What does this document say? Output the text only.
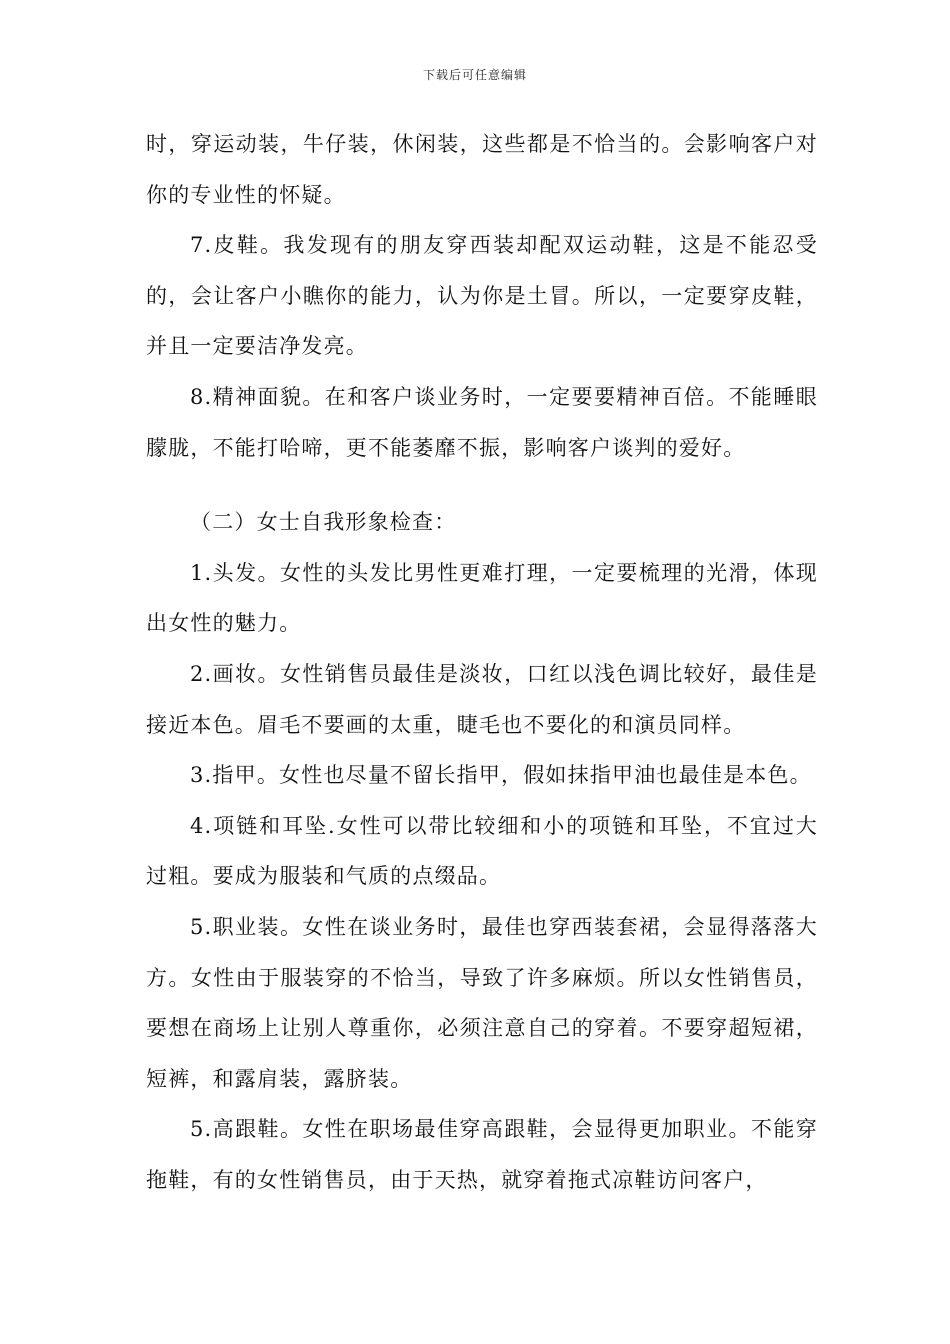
下载后可任意编辑

时，穿运动装，牛仔装，休闲装，这些都是不恰当的。会影响客户对你的专业性的怀疑。

7.皮鞋。我发现有的朋友穿西装却配双运动鞋，这是不能忍受的，会让客户小瞧你的能力，认为你是土冒。所以，一定要穿皮鞋，并且一定要洁净发亮。

8.精神面貌。在和客户谈业务时，一定要要精神百倍。不能睡眼朦胧，不能打哈啼，更不能萎靡不振，影响客户谈判的爱好。

（二）女士自我形象检查：

1.头发。女性的头发比男性更难打理，一定要梳理的光滑，体现出女性的魅力。

2.画妆。女性销售员最佳是淡妆，口红以浅色调比较好，最佳是接近本色。眉毛不要画的太重，睫毛也不要化的和演员同样。

3.指甲。女性也尽量不留长指甲，假如抹指甲油也最佳是本色。

4.项链和耳坠.女性可以带比较细和小的项链和耳坠，不宜过大过粗。要成为服装和气质的点缀品。

5.职业装。女性在谈业务时，最佳也穿西装套裙，会显得落落大方。女性由于服装穿的不恰当，导致了许多麻烦。所以女性销售员，要想在商场上让别人尊重你，必须注意自己的穿着。不要穿超短裙，短裤，和露肩装，露脐装。

5.高跟鞋。女性在职场最佳穿高跟鞋，会显得更加职业。不能穿拖鞋，有的女性销售员，由于天热，就穿着拖式凉鞋访问客户，
